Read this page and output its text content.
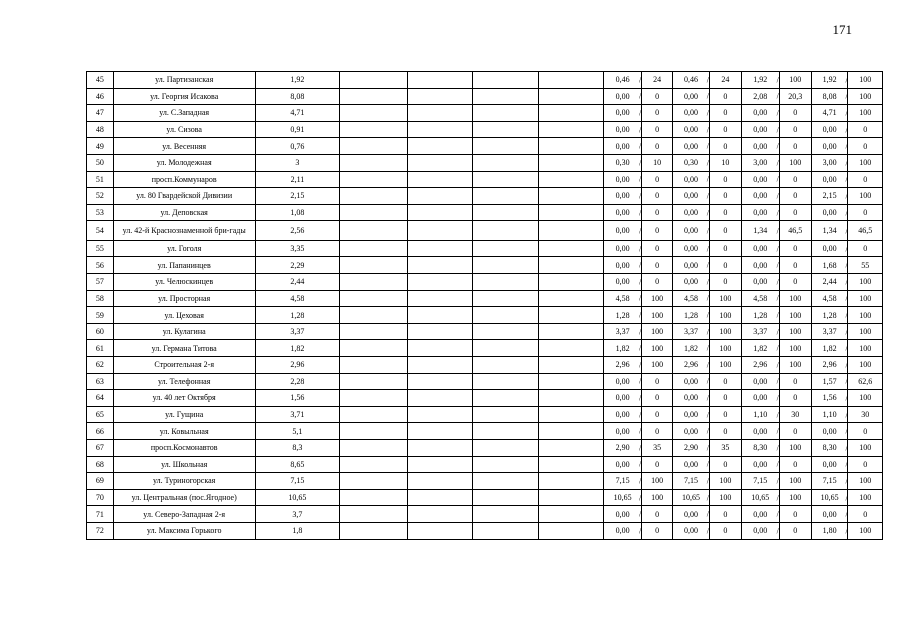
171
45	ул. Партизанская	1,92					0,46	/ 24	0,46	/ 24	1,92	/ 100	1,92	/ 100
46	ул. Георгия Исакова	8,08					0,00	/ 0	0,00	/ 0	2,08	/ 20,3	8,08	/ 100
47	ул. С.Западная	4,71					0,00	/ 0	0,00	/ 0	0,00	/ 0	4,71	/ 100
48	ул. Сизова	0,91					0,00	/ 0	0,00	/ 0	0,00	/ 0	0,00	/ 0
49	ул. Весенняя	0,76					0,00	/ 0	0,00	/ 0	0,00	/ 0	0,00	/ 0
50	ул. Молодежная	3					0,30	/ 10	0,30	/ 10	3,00	/ 100	3,00	/ 100
51	просп.Коммунаров	2,11					0,00	/ 0	0,00	/ 0	0,00	/ 0	0,00	/ 0
52	ул. 80 Гвардейской Дивизии	2,15					0,00	/ 0	0,00	/ 0	0,00	/ 0	2,15	/ 100
53	ул. Деповская	1,08					0,00	/ 0	0,00	/ 0	0,00	/ 0	0,00	/ 0
54	ул. 42-й Краснознаменной бри-гады	2,56					0,00	/ 0	0,00	/ 0	1,34	/ 46,5	1,34	/ 46,5
55	ул. Гоголя	3,35					0,00	/ 0	0,00	/ 0	0,00	/ 0	0,00	/ 0
56	ул. Папанинцев	2,29					0,00	/ 0	0,00	/ 0	0,00	/ 0	1,68	/ 55
57	ул. Челюскинцев	2,44					0,00	/ 0	0,00	/ 0	0,00	/ 0	2,44	/ 100
58	ул. Просторная	4,58					4,58	/ 100	4,58	/ 100	4,58	/ 100	4,58	/ 100
59	ул. Цеховая	1,28					1,28	/ 100	1,28	/ 100	1,28	/ 100	1,28	/ 100
60	ул. Кулагина	3,37					3,37	/ 100	3,37	/ 100	3,37	/ 100	3,37	/ 100
61	ул. Германа Титова	1,82					1,82	/ 100	1,82	/ 100	1,82	/ 100	1,82	/ 100
62	Строительная 2-я	2,96					2,96	/ 100	2,96	/ 100	2,96	/ 100	2,96	/ 100
63	ул. Телефонная	2,28					0,00	/ 0	0,00	/ 0	0,00	/ 0	1,57	/ 62,6
64	ул. 40 лет Октября	1,56					0,00	/ 0	0,00	/ 0	0,00	/ 0	1,56	/ 100
65	ул. Гущина	3,71					0,00	/ 0	0,00	/ 0	1,10	/ 30	1,10	/ 30
66	ул. Ковыльная	5,1					0,00	/ 0	0,00	/ 0	0,00	/ 0	0,00	/ 0
67	просп.Космонавтов	8,3					2,90	/ 35	2,90	/ 35	8,30	/ 100	8,30	/ 100
68	ул. Школьная	8,65					0,00	/ 0	0,00	/ 0	0,00	/ 0	0,00	/ 0
69	ул. Туриногорская	7,15					7,15	/ 100	7,15	/ 100	7,15	/ 100	7,15	/ 100
70	ул. Центральная (пос.Ягодное)	10,65					10,65	/ 100	10,65	/ 100	10,65	/ 100	10,65	/ 100
71	ул. Северо-Западная 2-я	3,7					0,00	/ 0	0,00	/ 0	0,00	/ 0	0,00	/ 0
72	ул. Максима Горького	1,8					0,00	/ 0	0,00	/ 0	0,00	/ 0	1,80	/ 100
